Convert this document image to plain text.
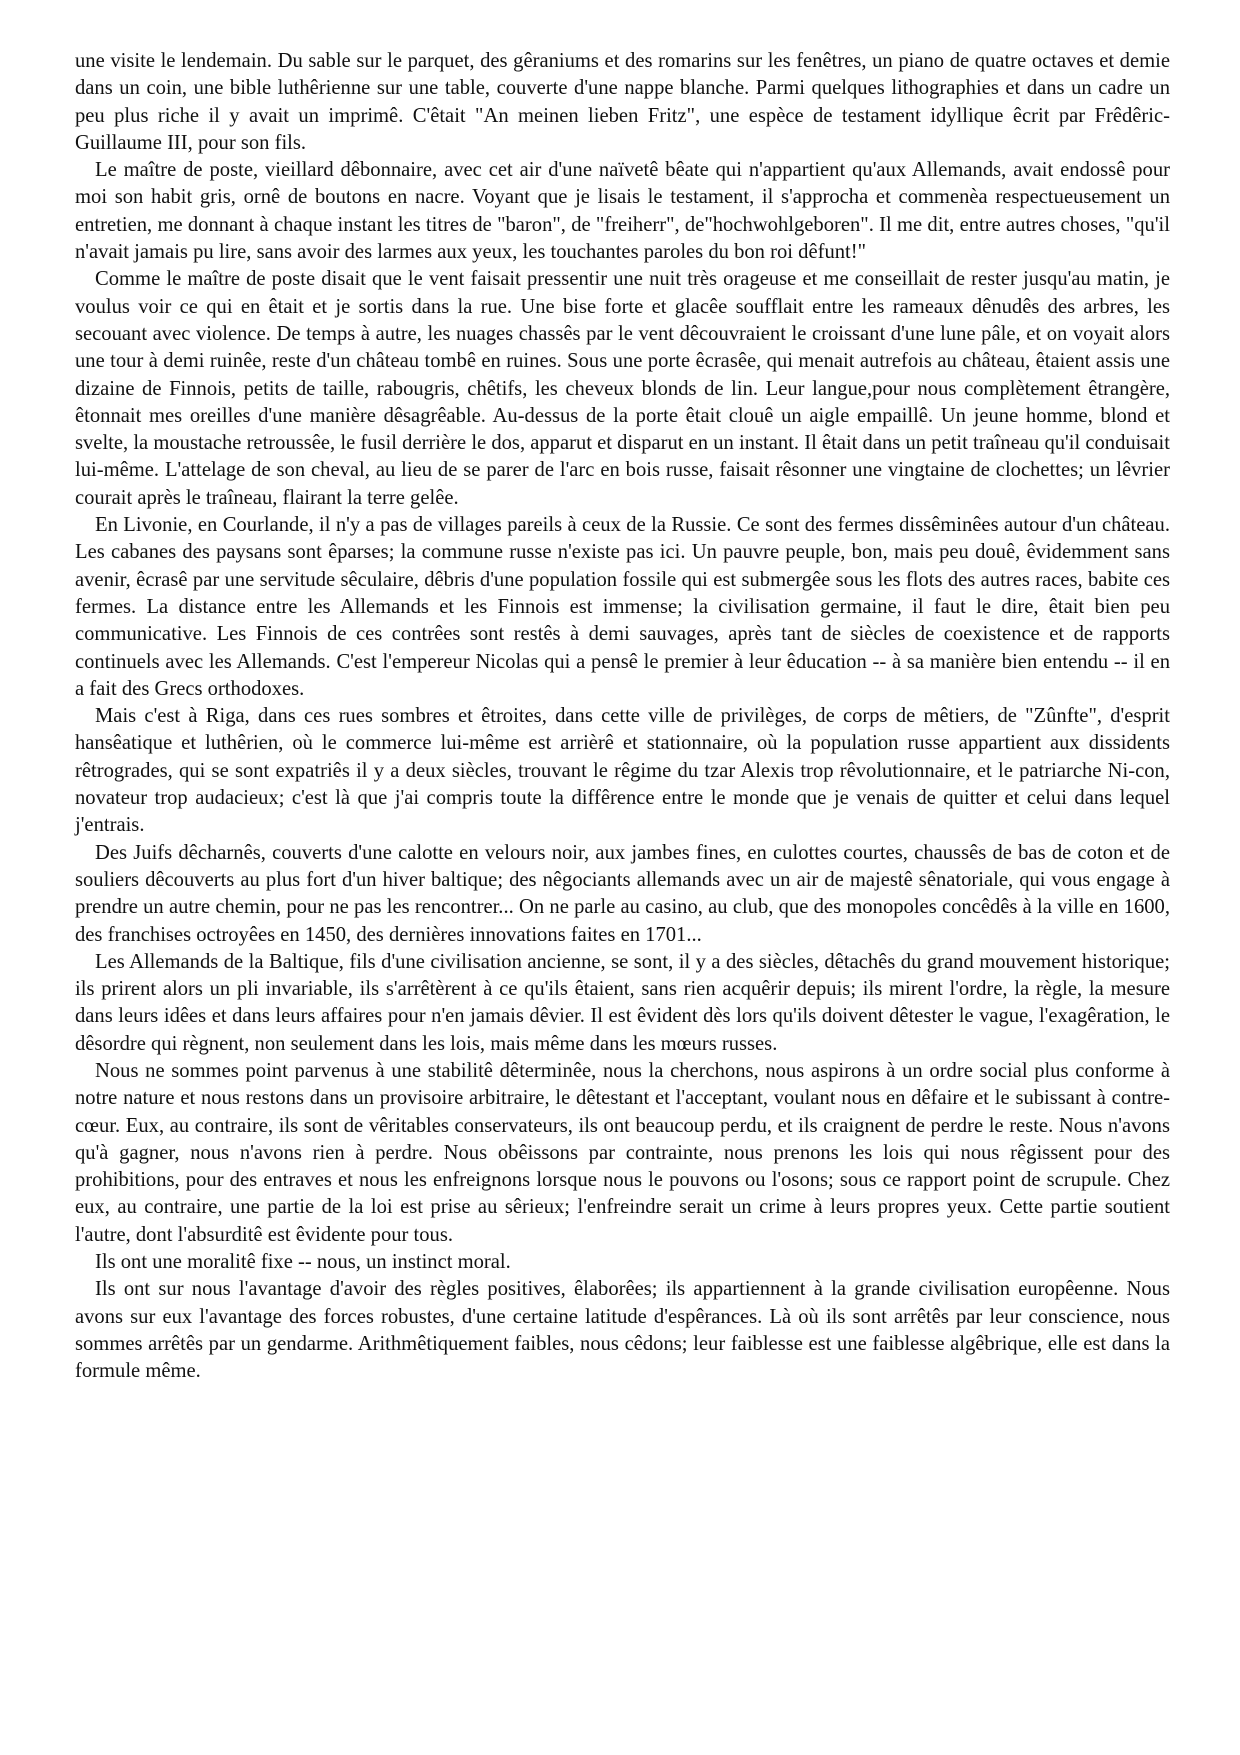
une visite le lendemain. Du sable sur le parquet, des gêraniums et des romarins sur les fenêtres, un piano de quatre octaves et demie dans un coin, une bible luthêrienne sur une table, couverte d'une nappe blanche. Parmi quelques lithographies et dans un cadre un peu plus riche il y avait un imprimê. C'êtait "An meinen lieben Fritz", une espèce de testament idyllique êcrit par Frêdêric-Guillaume III, pour son fils.

Le maître de poste, vieillard dêbonnaire, avec cet air d'une naïvetê bêate qui n'appartient qu'aux Allemands, avait endossê pour moi son habit gris, ornê de boutons en nacre. Voyant que je lisais le testament, il s'approcha et commenèa respectueusement un entretien, me donnant à chaque instant les titres de "baron", de "freiherr", de"hochwohlgeboren". Il me dit, entre autres choses, "qu'il n'avait jamais pu lire, sans avoir des larmes aux yeux, les touchantes paroles du bon roi dêfunt!"

Comme le maître de poste disait que le vent faisait pressentir une nuit très orageuse et me conseillait de rester jusqu'au matin, je voulus voir ce qui en êtait et je sortis dans la rue. Une bise forte et glacêe soufflait entre les rameaux dênudês des arbres, les secouant avec violence. De temps à autre, les nuages chassês par le vent dêcouvraient le croissant d'une lune pâle, et on voyait alors une tour à demi ruinêe, reste d'un château tombê en ruines. Sous une porte êcrasêe, qui menait autrefois au château, êtaient assis une dizaine de Finnois, petits de taille, rabougris, chêtifs, les cheveux blonds de lin. Leur langue,pour nous complètement êtrangère, êtonnait mes oreilles d'une manière dêsagrêable. Au-dessus de la porte êtait clouê un aigle empaillê. Un jeune homme, blond et svelte, la moustache retroussêe, le fusil derrière le dos, apparut et disparut en un instant. Il êtait dans un petit traîneau qu'il conduisait lui-même. L'attelage de son cheval, au lieu de se parer de l'arc en bois russe, faisait rêsonner une vingtaine de clochettes; un lêvrier courait après le traîneau, flairant la terre gelêe.

En Livonie, en Courlande, il n'y a pas de villages pareils à ceux de la Russie. Ce sont des fermes dissêminêes autour d'un château. Les cabanes des paysans sont êparses; la commune russe n'existe pas ici. Un pauvre peuple, bon, mais peu douê, êvidemment sans avenir, êcrasê par une servitude sêculaire, dêbris d'une population fossile qui est submergêe sous les flots des autres races, babite ces fermes. La distance entre les Allemands et les Finnois est immense; la civilisation germaine, il faut le dire, êtait bien peu communicative. Les Finnois de ces contrêes sont restês à demi sauvages, après tant de siècles de coexistence et de rapports continuels avec les Allemands. C'est l'empereur Nicolas qui a pensê le premier à leur êducation -- à sa manière bien entendu -- il en a fait des Grecs orthodoxes.

Mais c'est à Riga, dans ces rues sombres et êtroites, dans cette ville de privilèges, de corps de mêtiers, de "Zûnfte", d'esprit hansêatique et luthêrien, où le commerce lui-même est arrièrê et stationnaire, où la population russe appartient aux dissidents rêtrogrades, qui se sont expatriês il y a deux siècles, trouvant le rêgime du tzar Alexis trop rêvolutionnaire, et le patriarche Ni-con, novateur trop audacieux; c'est là que j'ai compris toute la diffêrence entre le monde que je venais de quitter et celui dans lequel j'entrais.

Des Juifs dêcharnês, couverts d'une calotte en velours noir, aux jambes fines, en culottes courtes, chaussês de bas de coton et de souliers dêcouverts au plus fort d'un hiver baltique; des nêgociants allemands avec un air de majestê sênatoriale, qui vous engage à prendre un autre chemin, pour ne pas les rencontrer... On ne parle au casino, au club, que des monopoles concêdês à la ville en 1600, des franchises octroyêes en 1450, des dernières innovations faites en 1701...

Les Allemands de la Baltique, fils d'une civilisation ancienne, se sont, il y a des siècles, dêtachês du grand mouvement historique; ils prirent alors un pli invariable, ils s'arrêtèrent à ce qu'ils êtaient, sans rien acquêrir depuis; ils mirent l'ordre, la règle, la mesure dans leurs idêes et dans leurs affaires pour n'en jamais dêvier. Il est êvident dès lors qu'ils doivent dêtester le vague, l'exagêration, le dêsordre qui règnent, non seulement dans les lois, mais même dans les mœurs russes.

Nous ne sommes point parvenus à une stabilitê dêterminêe, nous la cherchons, nous aspirons à un ordre social plus conforme à notre nature et nous restons dans un provisoire arbitraire, le dêtestant et l'acceptant, voulant nous en dêfaire et le subissant à contre-cœur. Eux, au contraire, ils sont de vêritables conservateurs, ils ont beaucoup perdu, et ils craignent de perdre le reste. Nous n'avons qu'à gagner, nous n'avons rien à perdre. Nous obêissons par contrainte, nous prenons les lois qui nous rêgissent pour des prohibitions, pour des entraves et nous les enfreignons lorsque nous le pouvons ou l'osons; sous ce rapport point de scrupule. Chez eux, au contraire, une partie de la loi est prise au sêrieux; l'enfreindre serait un crime à leurs propres yeux. Cette partie soutient l'autre, dont l'absurditê est êvidente pour tous.

Ils ont une moralitê fixe -- nous, un instinct moral.

Ils ont sur nous l'avantage d'avoir des règles positives, êlaborêes; ils appartiennent à la grande civilisation europêenne. Nous avons sur eux l'avantage des forces robustes, d'une certaine latitude d'espêrances. Là où ils sont arrêtês par leur conscience, nous sommes arrêtês par un gendarme. Arithmêtiquement faibles, nous cêdons; leur faiblesse est une faiblesse algêbrique, elle est dans la formule même.
